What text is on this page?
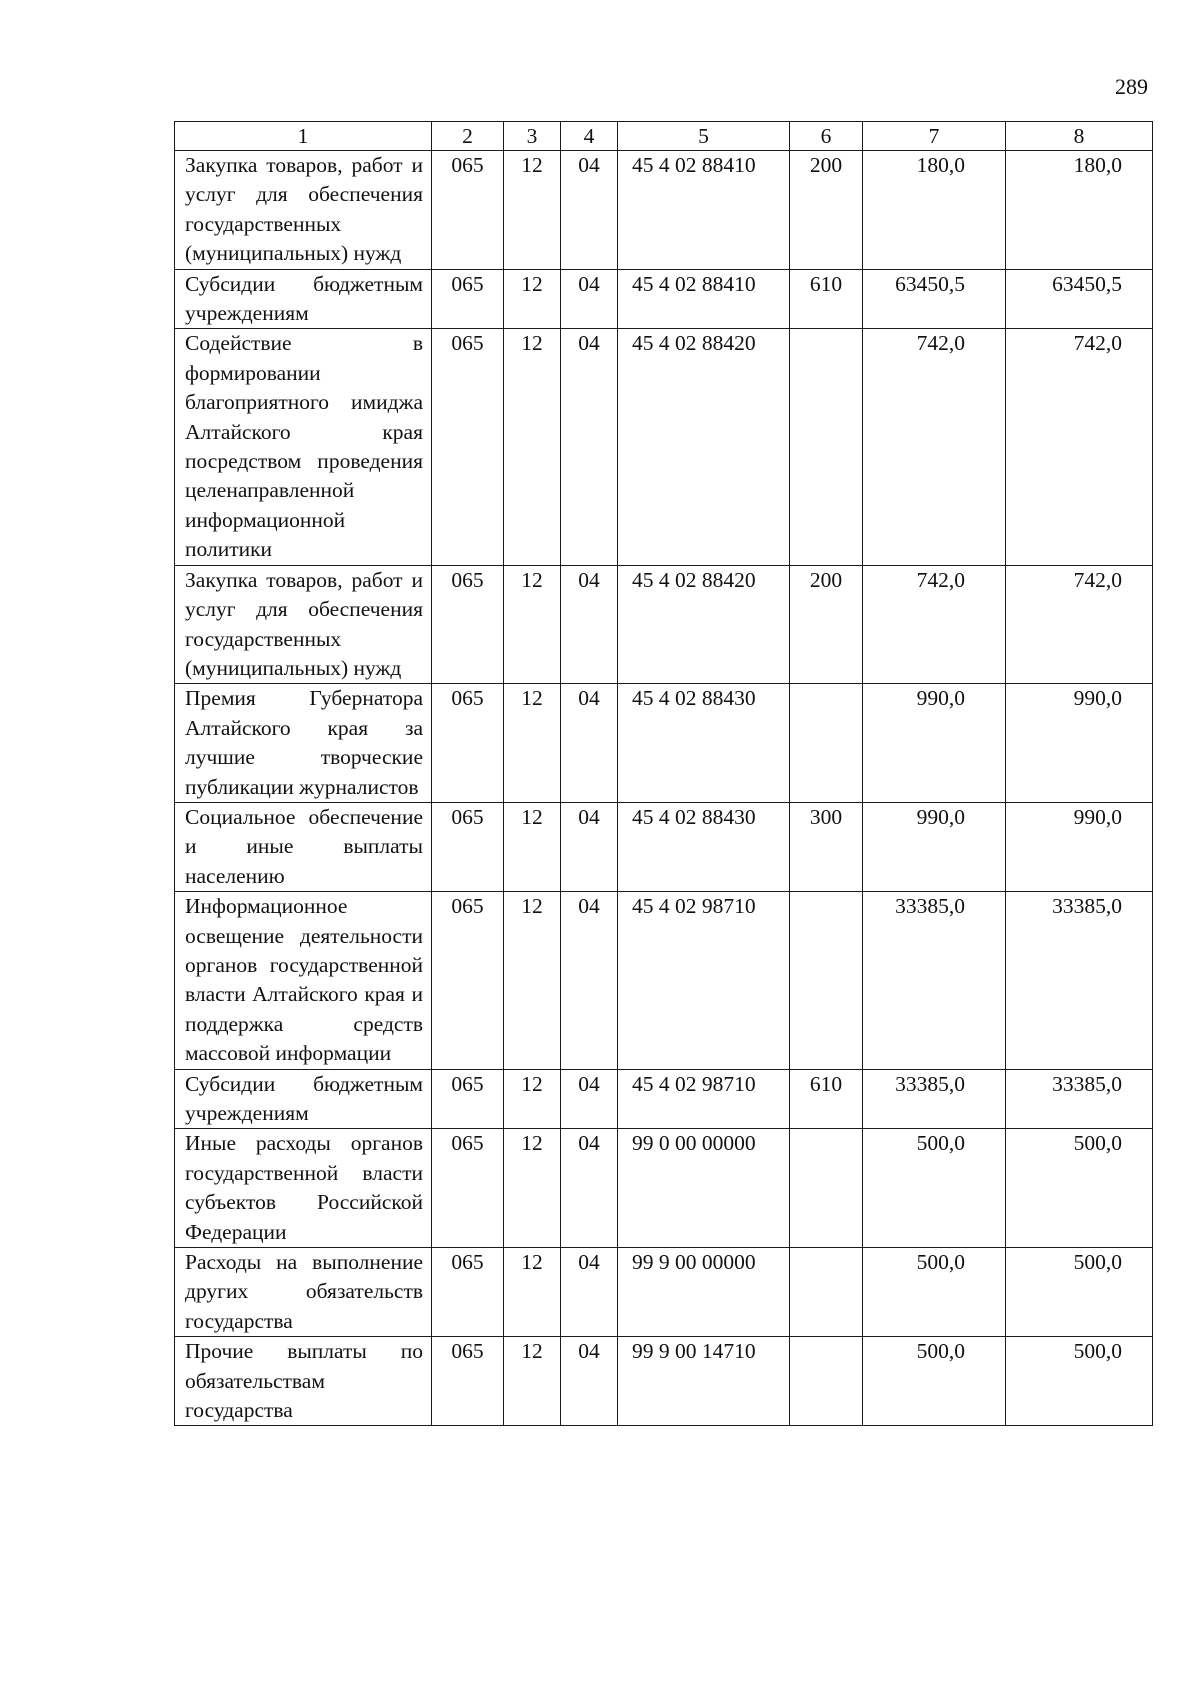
289
1	2	3	4	5	6	7	8
Закупка товаров, работ и услуг для обеспечения государственных (муниципальных) нужд	065	12	04	45 4 02 88410	200	180,0	180,0
Субсидии бюджетным учреждениям	065	12	04	45 4 02 88410	610	63450,5	63450,5
Содействие в формировании благоприятного имиджа Алтайского края посредством проведения целенаправленной информационной политики	065	12	04	45 4 02 88420		742,0	742,0
Закупка товаров, работ и услуг для обеспечения государственных (муниципальных) нужд	065	12	04	45 4 02 88420	200	742,0	742,0
Премия Губернатора Алтайского края за лучшие творческие публикации журналистов	065	12	04	45 4 02 88430		990,0	990,0
Социальное обеспечение и иные выплаты населению	065	12	04	45 4 02 88430	300	990,0	990,0
Информационное освещение деятельности органов государственной власти Алтайского края и поддержка средств массовой информации	065	12	04	45 4 02 98710		33385,0	33385,0
Субсидии бюджетным учреждениям	065	12	04	45 4 02 98710	610	33385,0	33385,0
Иные расходы органов государственной власти субъектов Российской Федерации	065	12	04	99 0 00 00000		500,0	500,0
Расходы на выполнение других обязательств государства	065	12	04	99 9 00 00000		500,0	500,0
Прочие выплаты по обязательствам государства	065	12	04	99 9 00 14710		500,0	500,0
